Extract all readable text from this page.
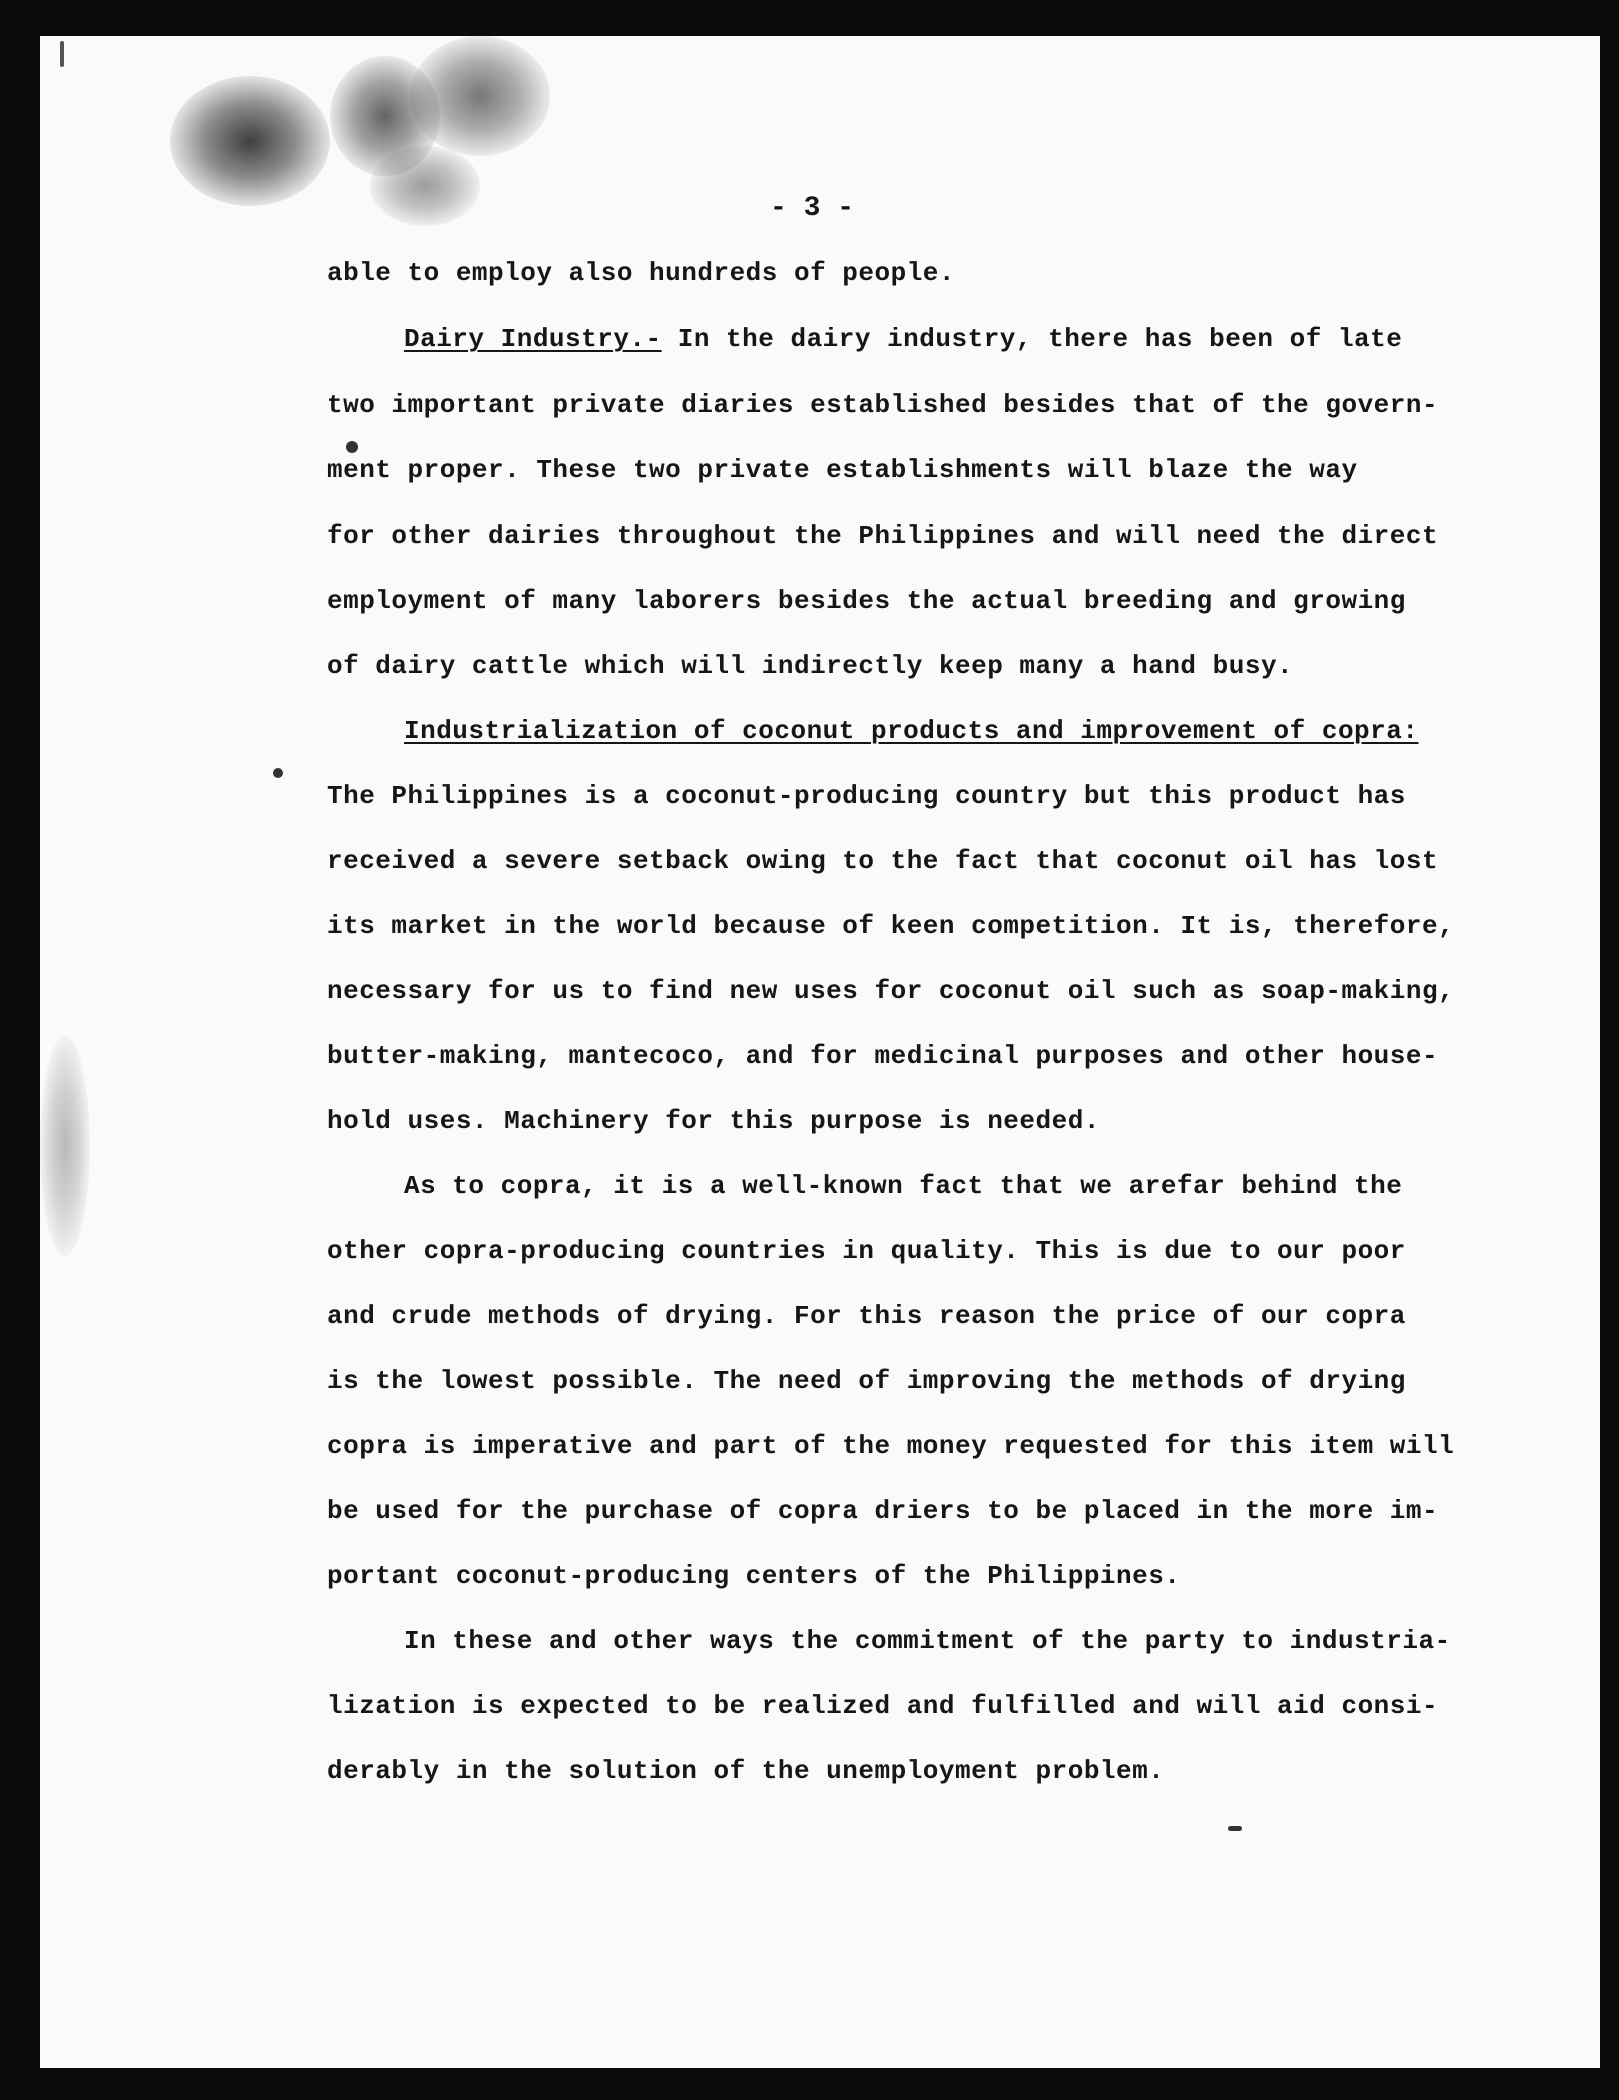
- 3 -

able to employ also hundreds of people.

Dairy Industry.- In the dairy industry, there has been of late

two important private diaries established besides that of the govern-

ment proper. These two private establishments will blaze the way

for other dairies throughout the Philippines and will need the direct

employment of many laborers besides the actual breeding and growing

of dairy cattle which will indirectly keep many a hand busy.

Industrialization of coconut products and improvement of copra:

The Philippines is a coconut-producing country but this product has

received a severe setback owing to the fact that coconut oil has lost

its market in the world because of keen competition. It is, therefore,

necessary for us to find new uses for coconut oil such as soap-making,

butter-making, mantecoco, and for medicinal purposes and other house-

hold uses. Machinery for this purpose is needed.

As to copra, it is a well-known fact that we arefar behind the

other copra-producing countries in quality. This is due to our poor

and crude methods of drying. For this reason the price of our copra

is the lowest possible. The need of improving the methods of drying

copra is imperative and part of the money requested for this item will

be used for the purchase of copra driers to be placed in the more im-

portant coconut-producing centers of the Philippines.

In these and other ways the commitment of the party to industria-

lization is expected to be realized and fulfilled and will aid consi-

derably in the solution of the unemployment problem.
